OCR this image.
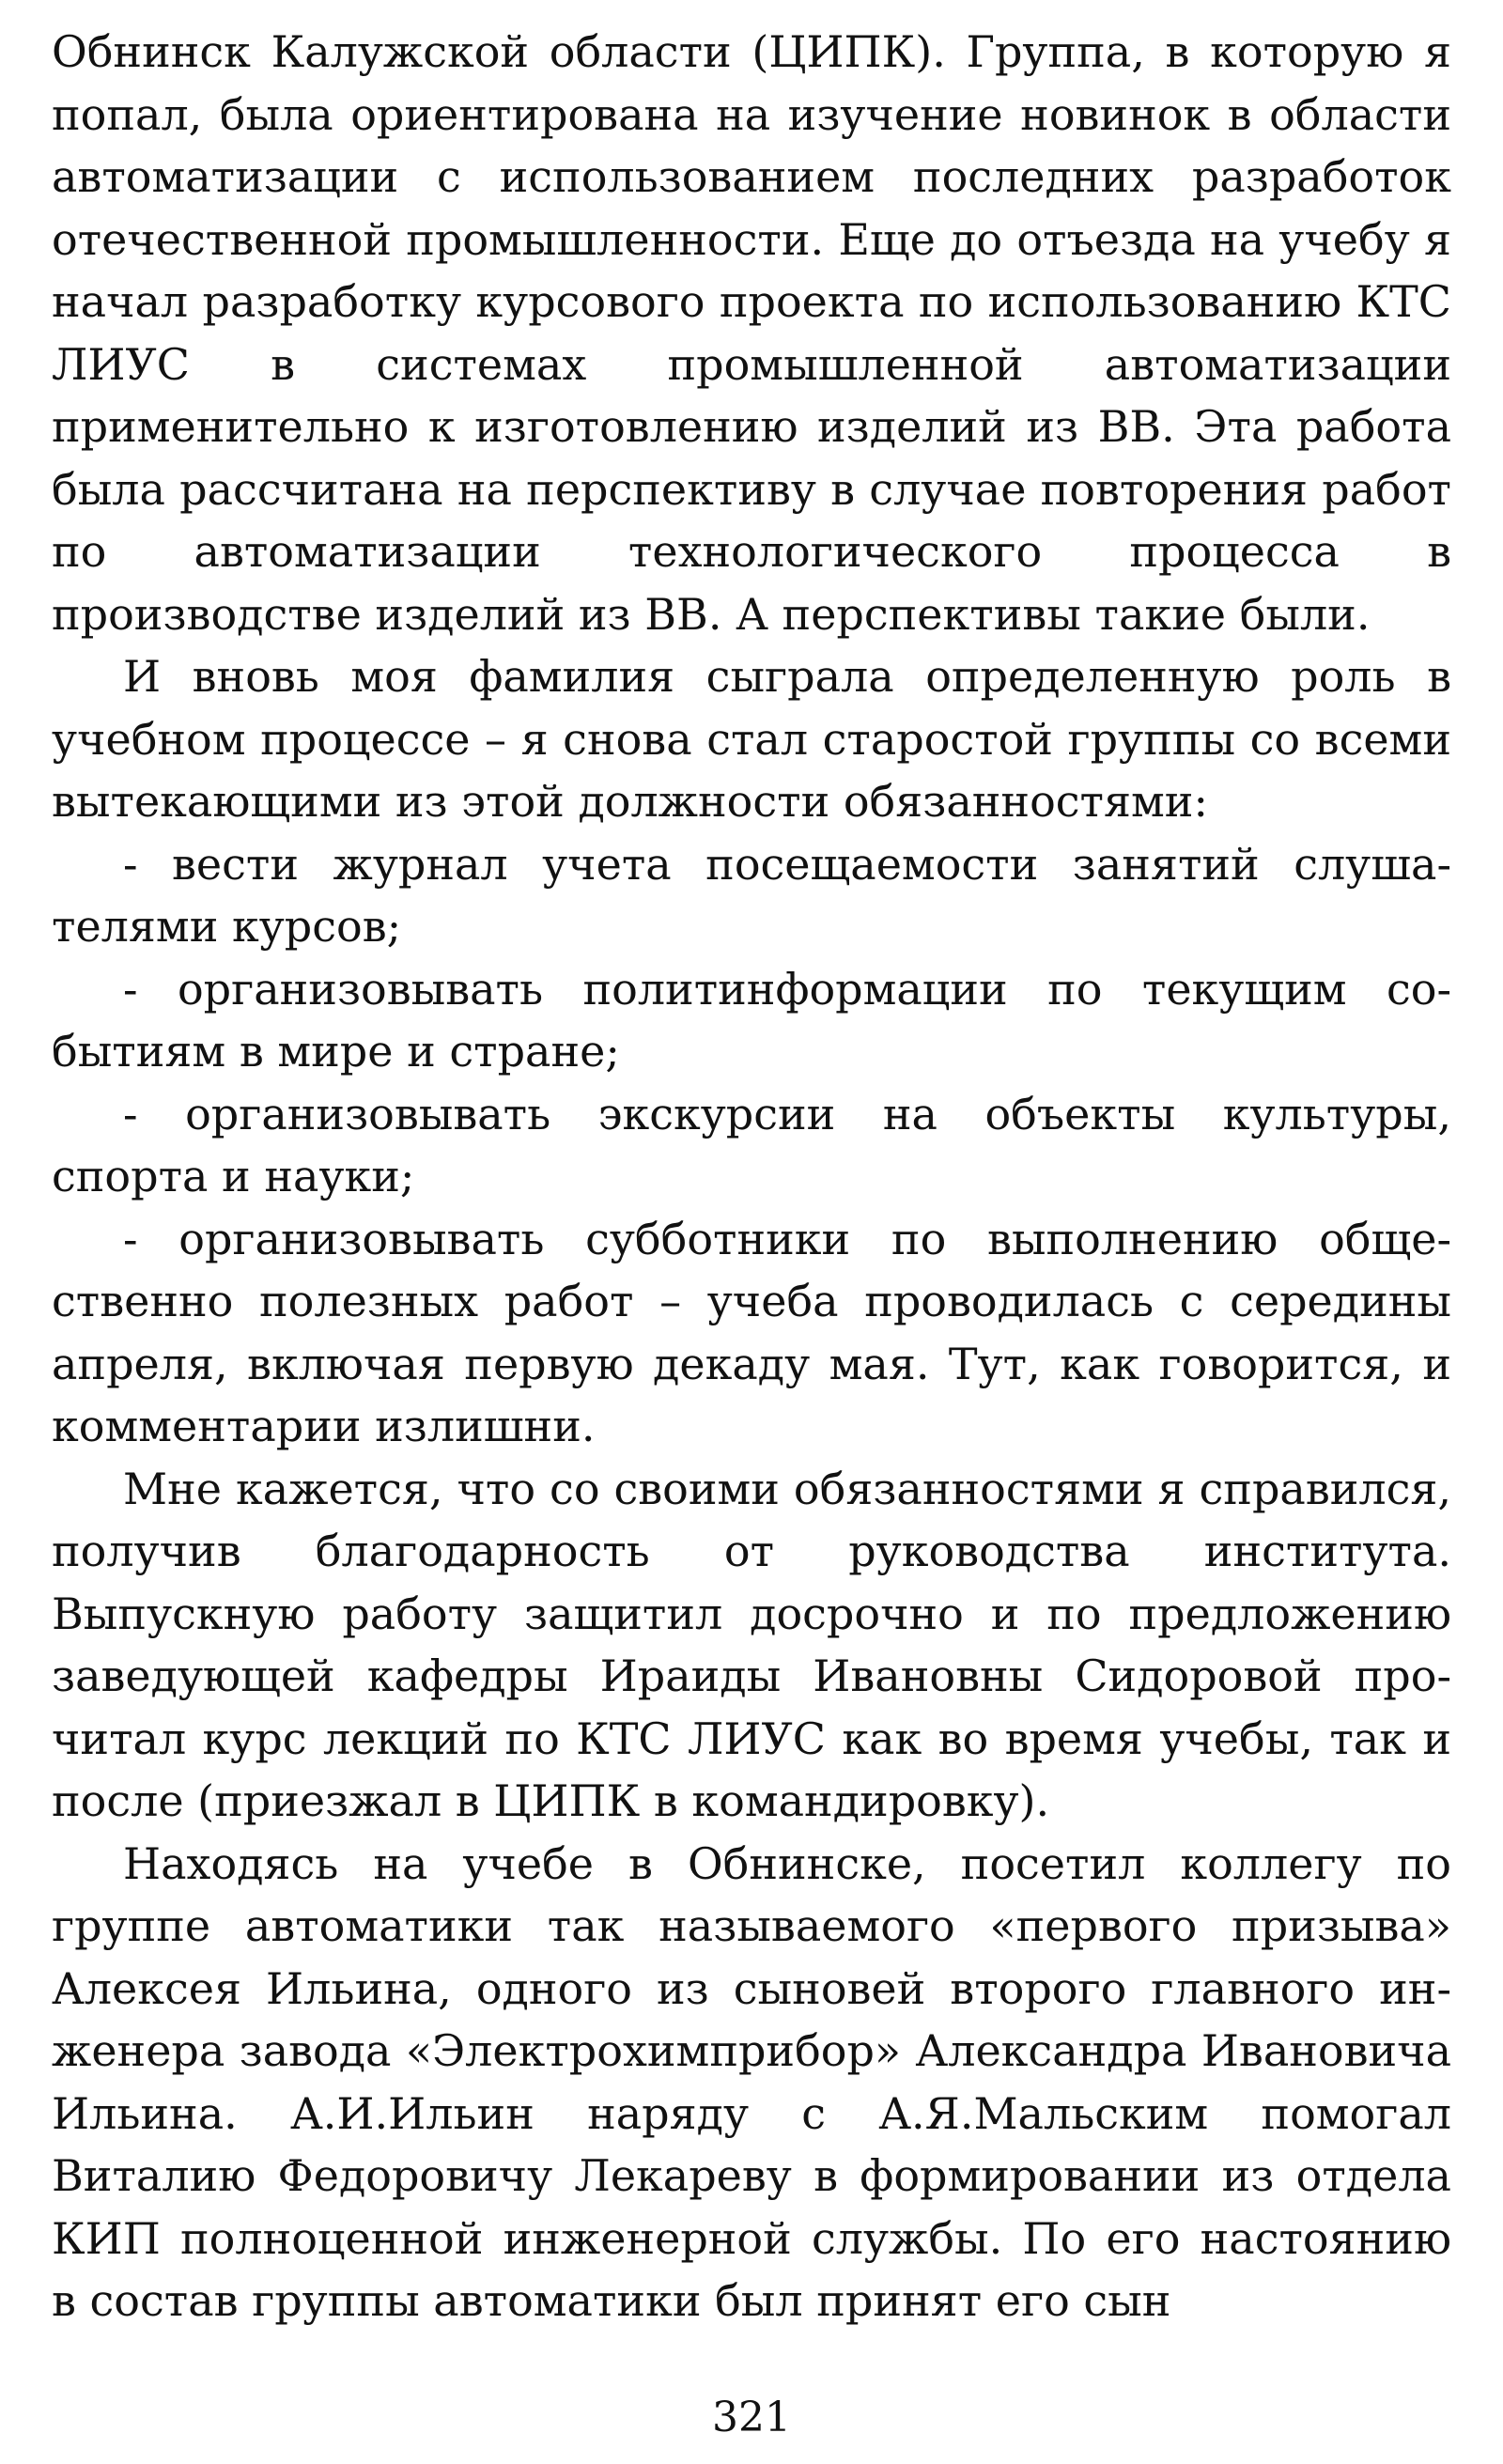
Обнинск Калужской области (ЦИПК). Группа, в которую я попал, была ориентирована на изучение новинок в области автоматизации с использованием последних разработок отечественной промышленности. Еще до отъезда на учебу я начал разработку курсового проекта по использованию КТС ЛИУС в системах промышленной автоматизации применительно к изготовлению изделий из ВВ. Эта работа была рассчитана на перспективу в случае повторения работ по автоматизации технологического процесса в производстве изделий из ВВ. А перспективы такие были.

И вновь моя фамилия сыграла определенную роль в учебном процессе – я снова стал старостой группы со всеми вытекающими из этой должности обязанностями:

- вести журнал учета посещаемости занятий слушателями курсов;

- организовывать политинформации по текущим событиям в мире и стране;

- организовывать экскурсии на объекты культуры, спорта и науки;

- организовывать субботники по выполнению общественно полезных работ – учеба проводилась с середины апреля, включая первую декаду мая. Тут, как говорится, и комментарии излишни.

Мне кажется, что со своими обязанностями я справился, получив благодарность от руководства института. Выпускную работу защитил досрочно и по предложению заведующей кафедры Ираиды Ивановны Сидоровой прочитал курс лекций по КТС ЛИУС как во время учебы, так и после (приезжал в ЦИПК в командировку).

Находясь на учебе в Обнинске, посетил коллегу по группе автоматики так называемого «первого призыва» Алексея Ильина, одного из сыновей второго главного инженера завода «Электрохимприбор» Александра Ивановича Ильина. А.И.Ильин наряду с А.Я.Мальским помогал Виталию Федоровичу Лекареву в формировании из отдела КИП полноценной инженерной службы. По его настоянию в состав группы автоматики был принят его сын

321
